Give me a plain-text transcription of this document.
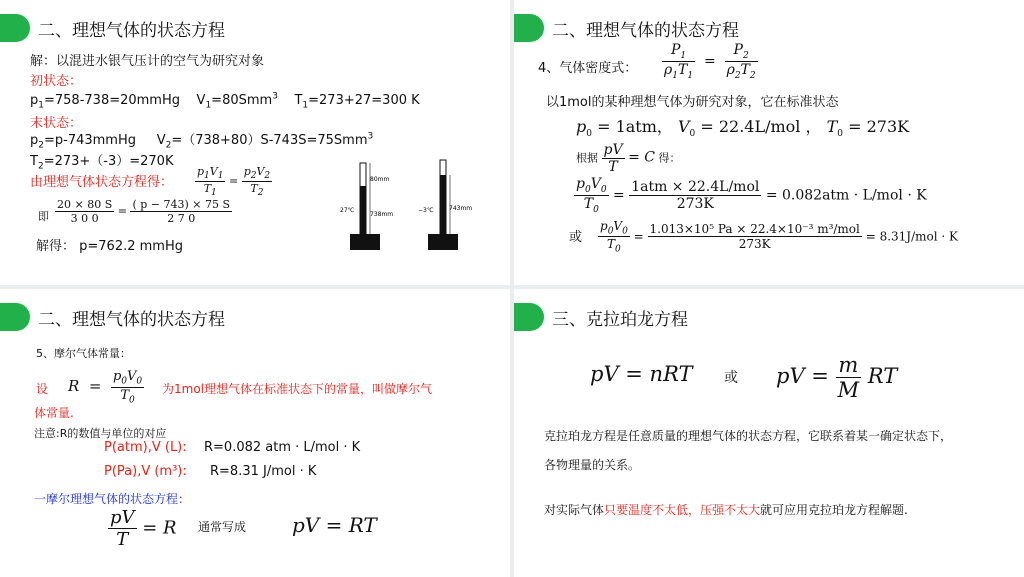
二、理想气体的状态方程
解：以混进水银气压计的空气为研究对象
初状态：
$p_1=758-738=20mmHg$ $V_1=80Smm^3$ $T_1=273+27=300$ K
末状态：
$p_2=p-743mmHg$ $V_2=(738+80)S-743S=75Smm^3$
$T_2=273+(-3)=270K$
由理想气体状态方程得： $\frac{p_1V_1}{T_1} = \frac{p_2V_2}{T_2}$
即 $\frac{20 \times 80 S}{3 0 0} = \frac{( p - 743) \times 75 S}{2 7 0}$
解得： p=762.2 mmHg
80mm
738mm
27℃	743mm
−3℃
二、理想气体的状态方程
4、气体密度式： $\frac{P_1}{\rho_1T_1} = \frac{P_2}{\rho_2T_2}$
以1mol的某种理想气体为研究对象，它在标准状态
$p_0 = 1atm$， $V_0 = 22.4L/mol$ ， $T_0 = 273K$
根据 $\frac{pV}{T} = C$ 得：
$\frac{p_0V_0}{T_0} = \frac{\text{1atm × 22.4L/mol}}{273K} = 0.082atm \cdot L/mol \cdot K$
或 $\frac{p_0V_0}{T_0} = \frac{\text{1.013×10⁵ Pa × 22.4×10⁻³ m³/mol}}{273K} = 8.31J/mol \cdot K$
二、理想气体的状态方程
5、摩尔气体常量：
设 $R = \frac{p_0V_0}{T_0}$ 为1mol理想气体在标准状态下的常量，叫做摩尔气
体常量.
注意:R的数值与单位的对应
P(atm),V (L): R=0.082 atm · L/mol · K
P(Pa),V (m³): R=8.31 J/mol · K
一摩尔理想气体的状态方程：
$\frac{pV}{T} = R$ 通常写成 pV = RT
三、克拉珀龙方程
pV = nRT 或 pV = $\frac{m}{M}$ RT
克拉珀龙方程是任意质量的理想气体的状态方程，它联系着某一确定状态下，
各物理量的关系。
对实际气体只要温度不太低，压强不太大就可应用克拉珀龙方程解题.
